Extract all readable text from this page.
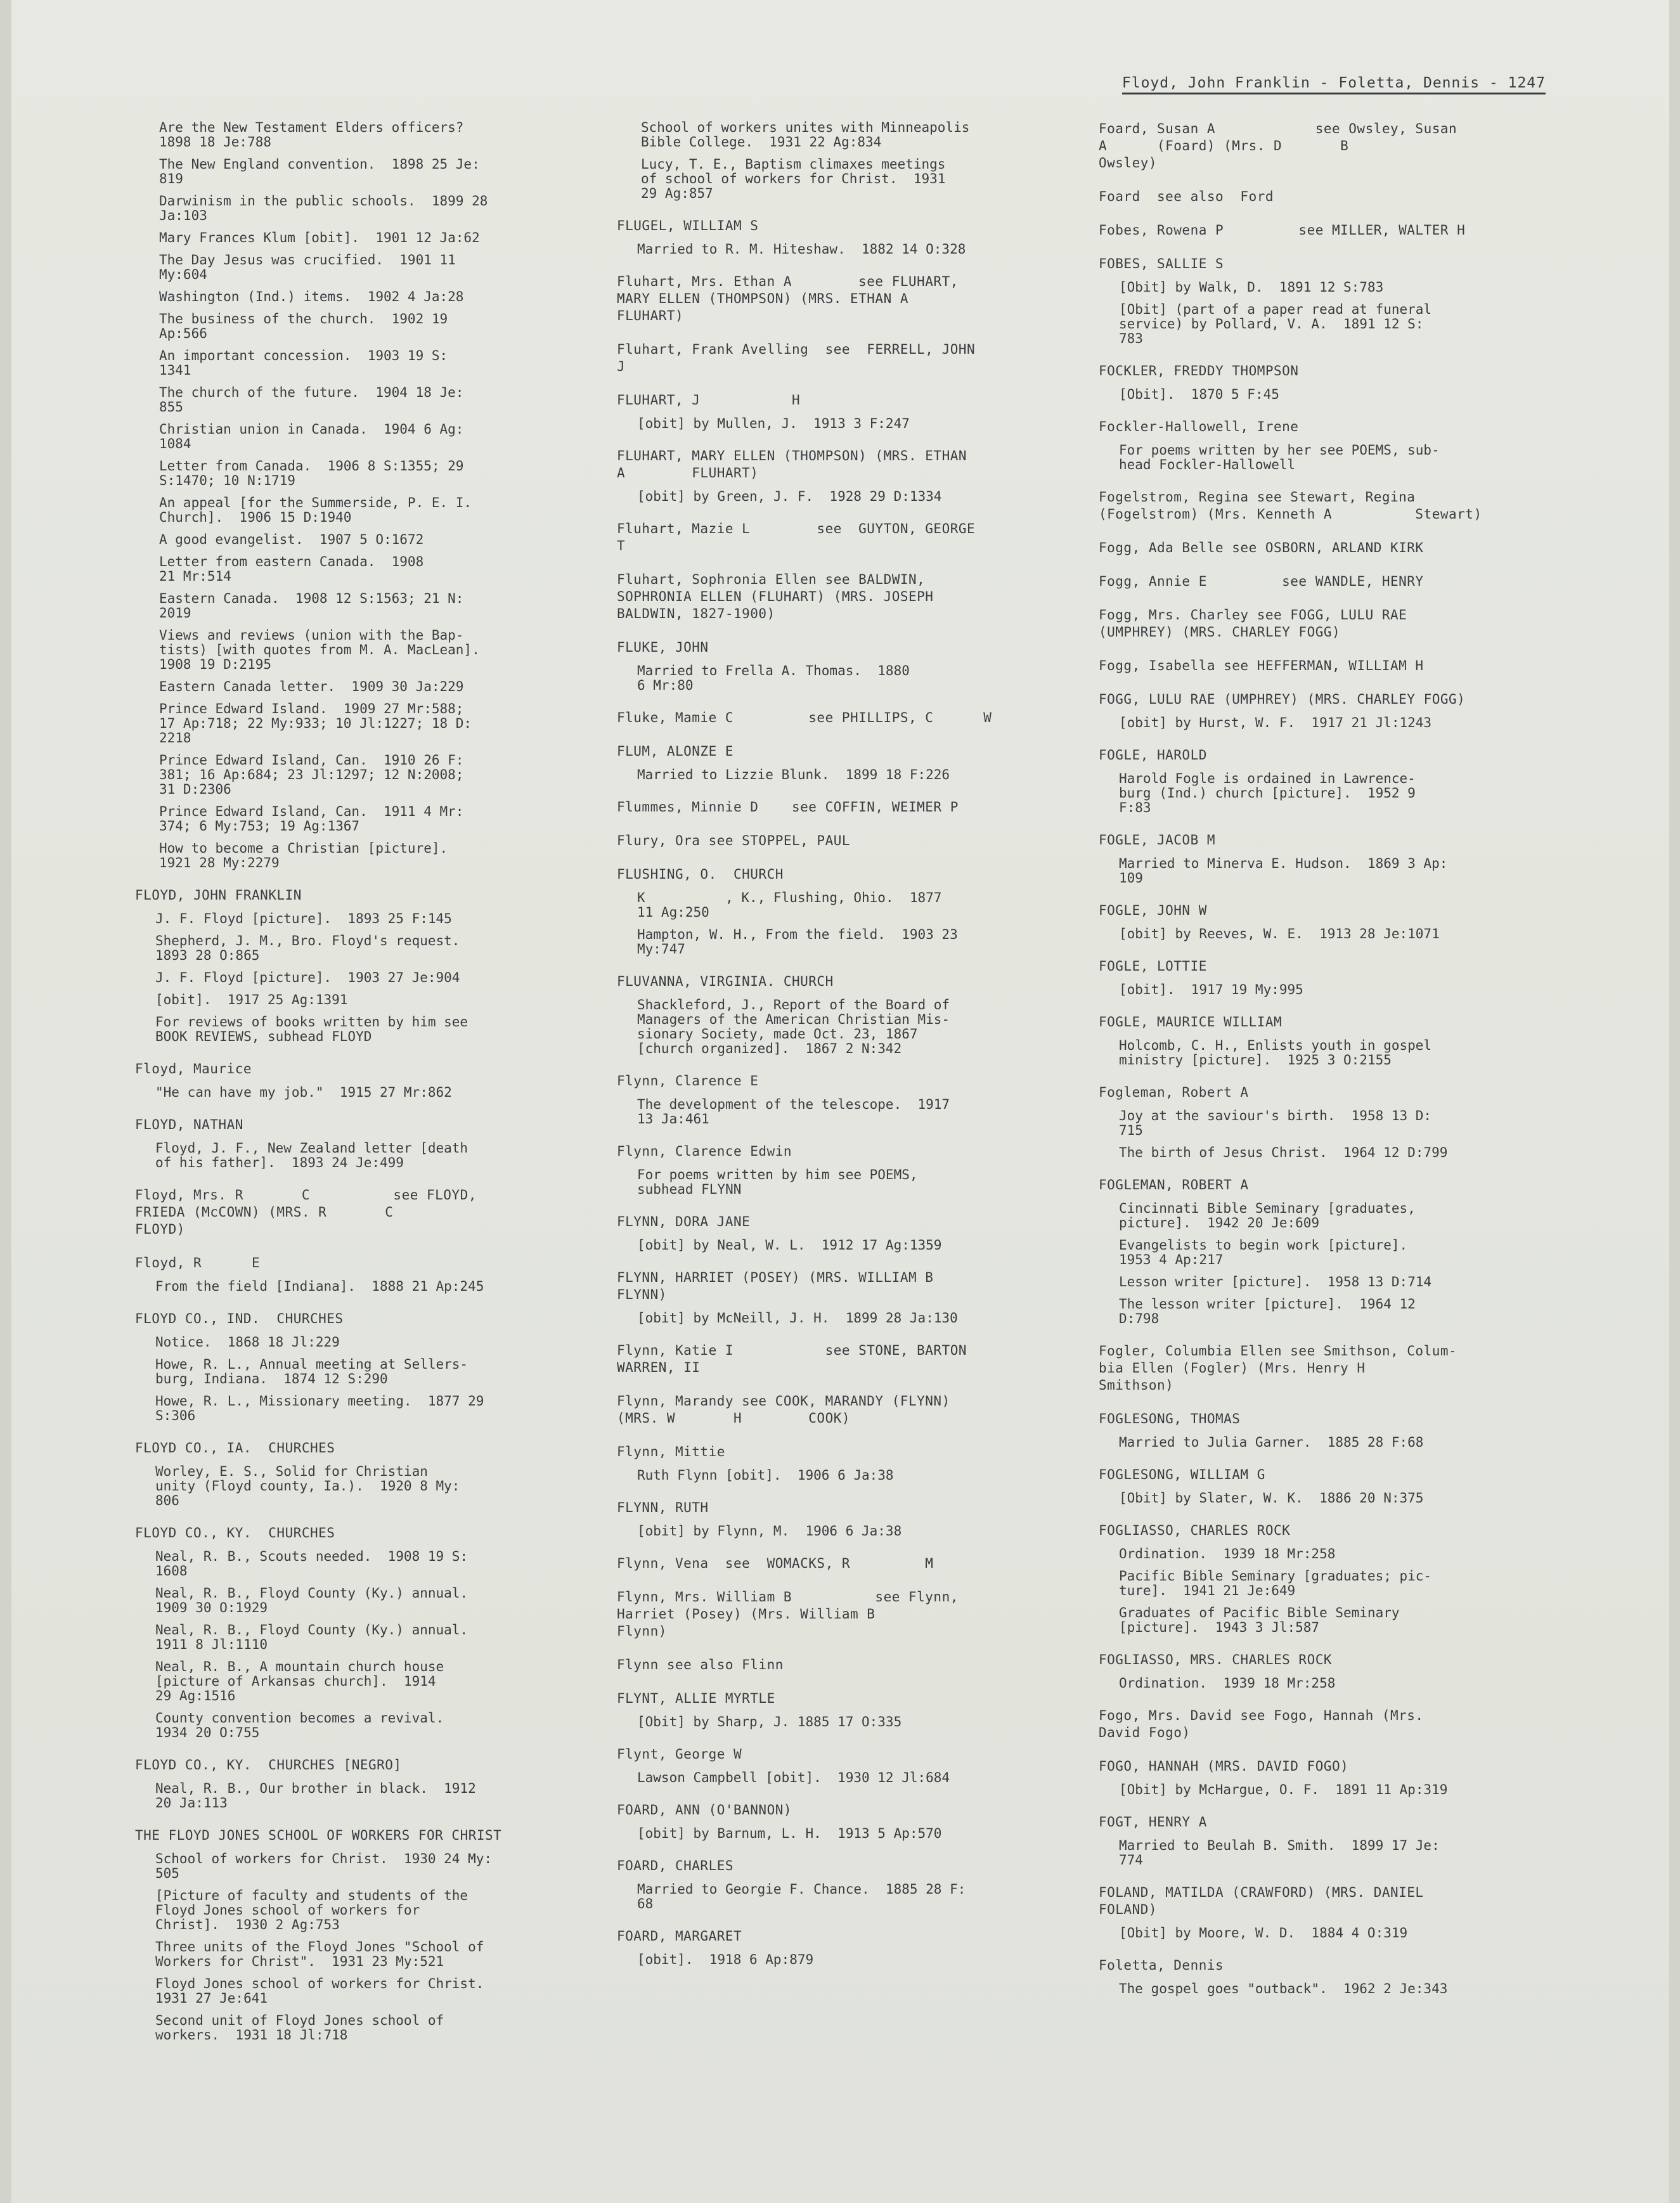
Floyd, John Franklin - Foletta, Dennis - 1247
Are the New Testament Elders officers?
1898 18 Je:788
The New England convention.  1898 25 Je:
819
Darwinism in the public schools.  1899 28
Ja:103
Mary Frances Klum [obit].  1901 12 Ja:62
The Day Jesus was crucified.  1901 11
My:604
Washington (Ind.) items.  1902 4 Ja:28
The business of the church.  1902 19
Ap:566
An important concession.  1903 19 S:
1341
The church of the future.  1904 18 Je:
855
Christian union in Canada.  1904 6 Ag:
1084
Letter from Canada.  1906 8 S:1355; 29
S:1470; 10 N:1719
An appeal [for the Summerside, P. E. I.
Church].  1906 15 D:1940
A good evangelist.  1907 5 O:1672
Letter from eastern Canada.  1908
21 Mr:514
Eastern Canada.  1908 12 S:1563; 21 N:
2019
Views and reviews (union with the Bap-
tists) [with quotes from M. A. MacLean].
1908 19 D:2195
Eastern Canada letter.  1909 30 Ja:229
Prince Edward Island.  1909 27 Mr:588;
17 Ap:718; 22 My:933; 10 Jl:1227; 18 D:
2218
Prince Edward Island, Can.  1910 26 F:
381; 16 Ap:684; 23 Jl:1297; 12 N:2008;
31 D:2306
Prince Edward Island, Can.  1911 4 Mr:
374; 6 My:753; 19 Ag:1367
How to become a Christian [picture].
1921 28 My:2279
FLOYD, JOHN FRANKLIN
J. F. Floyd [picture].  1893 25 F:145
Shepherd, J. M., Bro. Floyd's request.
1893 28 O:865
J. F. Floyd [picture].  1903 27 Je:904
[obit].  1917 25 Ag:1391
For reviews of books written by him see
BOOK REVIEWS, subhead FLOYD
Floyd, Maurice
"He can have my job."  1915 27 Mr:862
FLOYD, NATHAN
Floyd, J. F., New Zealand letter [death
of his father].  1893 24 Je:499
Floyd, Mrs. R       C          see FLOYD,
FRIEDA (McCOWN) (MRS. R       C
FLOYD)
Floyd, R      E
From the field [Indiana].  1888 21 Ap:245
FLOYD CO., IND.  CHURCHES
Notice.  1868 18 Jl:229
Howe, R. L., Annual meeting at Sellers-
burg, Indiana.  1874 12 S:290
Howe, R. L., Missionary meeting.  1877 29
S:306
FLOYD CO., IA.  CHURCHES
Worley, E. S., Solid for Christian
unity (Floyd county, Ia.).  1920 8 My:
806
FLOYD CO., KY.  CHURCHES
Neal, R. B., Scouts needed.  1908 19 S:
1608
Neal, R. B., Floyd County (Ky.) annual.
1909 30 O:1929
Neal, R. B., Floyd County (Ky.) annual.
1911 8 Jl:1110
Neal, R. B., A mountain church house
[picture of Arkansas church].  1914
29 Ag:1516
County convention becomes a revival.
1934 20 O:755
FLOYD CO., KY.  CHURCHES [NEGRO]
Neal, R. B., Our brother in black.  1912
20 Ja:113
THE FLOYD JONES SCHOOL OF WORKERS FOR CHRIST
School of workers for Christ.  1930 24 My:
505
[Picture of faculty and students of the
Floyd Jones school of workers for
Christ].  1930 2 Ag:753
Three units of the Floyd Jones "School of
Workers for Christ".  1931 23 My:521
Floyd Jones school of workers for Christ.
1931 27 Je:641
Second unit of Floyd Jones school of
workers.  1931 18 Jl:718
School of workers unites with Minneapolis
Bible College.  1931 22 Ag:834
Lucy, T. E., Baptism climaxes meetings
of school of workers for Christ.  1931
29 Ag:857
FLUGEL, WILLIAM S
Married to R. M. Hiteshaw.  1882 14 O:328
Fluhart, Mrs. Ethan A        see FLUHART,
MARY ELLEN (THOMPSON) (MRS. ETHAN A
FLUHART)
Fluhart, Frank Avelling  see  FERRELL, JOHN
J
FLUHART, J           H
[obit] by Mullen, J.  1913 3 F:247
FLUHART, MARY ELLEN (THOMPSON) (MRS. ETHAN
A        FLUHART)
[obit] by Green, J. F.  1928 29 D:1334
Fluhart, Mazie L        see  GUYTON, GEORGE
T
Fluhart, Sophronia Ellen see BALDWIN,
SOPHRONIA ELLEN (FLUHART) (MRS. JOSEPH
BALDWIN, 1827-1900)
FLUKE, JOHN
Married to Frella A. Thomas.  1880
6 Mr:80
Fluke, Mamie C         see PHILLIPS, C      W
FLUM, ALONZE E
Married to Lizzie Blunk.  1899 18 F:226
Flummes, Minnie D    see COFFIN, WEIMER P
Flury, Ora see STOPPEL, PAUL
FLUSHING, O.  CHURCH
K          , K., Flushing, Ohio.  1877
11 Ag:250
Hampton, W. H., From the field.  1903 23
My:747
FLUVANNA, VIRGINIA. CHURCH
Shackleford, J., Report of the Board of
Managers of the American Christian Mis-
sionary Society, made Oct. 23, 1867
[church organized].  1867 2 N:342
Flynn, Clarence E
The development of the telescope.  1917
13 Ja:461
Flynn, Clarence Edwin
For poems written by him see POEMS,
subhead FLYNN
FLYNN, DORA JANE
[obit] by Neal, W. L.  1912 17 Ag:1359
FLYNN, HARRIET (POSEY) (MRS. WILLIAM B
FLYNN)
[obit] by McNeill, J. H.  1899 28 Ja:130
Flynn, Katie I           see STONE, BARTON
WARREN, II
Flynn, Marandy see COOK, MARANDY (FLYNN)
(MRS. W       H        COOK)
Flynn, Mittie
Ruth Flynn [obit].  1906 6 Ja:38
FLYNN, RUTH
[obit] by Flynn, M.  1906 6 Ja:38
Flynn, Vena  see  WOMACKS, R         M
Flynn, Mrs. William B          see Flynn,
Harriet (Posey) (Mrs. William B
Flynn)
Flynn see also Flinn
FLYNT, ALLIE MYRTLE
[Obit] by Sharp, J. 1885 17 O:335
Flynt, George W
Lawson Campbell [obit].  1930 12 Jl:684
FOARD, ANN (O'BANNON)
[obit] by Barnum, L. H.  1913 5 Ap:570
FOARD, CHARLES
Married to Georgie F. Chance.  1885 28 F:
68
FOARD, MARGARET
[obit].  1918 6 Ap:879
Foard, Susan A            see Owsley, Susan
A      (Foard) (Mrs. D       B
Owsley)
Foard  see also  Ford
Fobes, Rowena P         see MILLER, WALTER H
FOBES, SALLIE S
[Obit] by Walk, D.  1891 12 S:783
[Obit] (part of a paper read at funeral
service) by Pollard, V. A.  1891 12 S:
783
FOCKLER, FREDDY THOMPSON
[Obit].  1870 5 F:45
Fockler-Hallowell, Irene
For poems written by her see POEMS, sub-
head Fockler-Hallowell
Fogelstrom, Regina see Stewart, Regina
(Fogelstrom) (Mrs. Kenneth A          Stewart)
Fogg, Ada Belle see OSBORN, ARLAND KIRK
Fogg, Annie E         see WANDLE, HENRY
Fogg, Mrs. Charley see FOGG, LULU RAE
(UMPHREY) (MRS. CHARLEY FOGG)
Fogg, Isabella see HEFFERMAN, WILLIAM H
FOGG, LULU RAE (UMPHREY) (MRS. CHARLEY FOGG)
[obit] by Hurst, W. F.  1917 21 Jl:1243
FOGLE, HAROLD
Harold Fogle is ordained in Lawrence-
burg (Ind.) church [picture].  1952 9
F:83
FOGLE, JACOB M
Married to Minerva E. Hudson.  1869 3 Ap:
109
FOGLE, JOHN W
[obit] by Reeves, W. E.  1913 28 Je:1071
FOGLE, LOTTIE
[obit].  1917 19 My:995
FOGLE, MAURICE WILLIAM
Holcomb, C. H., Enlists youth in gospel
ministry [picture].  1925 3 O:2155
Fogleman, Robert A
Joy at the saviour's birth.  1958 13 D:
715
The birth of Jesus Christ.  1964 12 D:799
FOGLEMAN, ROBERT A
Cincinnati Bible Seminary [graduates,
picture].  1942 20 Je:609
Evangelists to begin work [picture].
1953 4 Ap:217
Lesson writer [picture].  1958 13 D:714
The lesson writer [picture].  1964 12
D:798
Fogler, Columbia Ellen see Smithson, Colum-
bia Ellen (Fogler) (Mrs. Henry H
Smithson)
FOGLESONG, THOMAS
Married to Julia Garner.  1885 28 F:68
FOGLESONG, WILLIAM G
[Obit] by Slater, W. K.  1886 20 N:375
FOGLIASSO, CHARLES ROCK
Ordination.  1939 18 Mr:258
Pacific Bible Seminary [graduates; pic-
ture].  1941 21 Je:649
Graduates of Pacific Bible Seminary
[picture].  1943 3 Jl:587
FOGLIASSO, MRS. CHARLES ROCK
Ordination.  1939 18 Mr:258
Fogo, Mrs. David see Fogo, Hannah (Mrs.
David Fogo)
FOGO, HANNAH (MRS. DAVID FOGO)
[Obit] by McHargue, O. F.  1891 11 Ap:319
FOGT, HENRY A
Married to Beulah B. Smith.  1899 17 Je:
774
FOLAND, MATILDA (CRAWFORD) (MRS. DANIEL
FOLAND)
[Obit] by Moore, W. D.  1884 4 O:319
Foletta, Dennis
The gospel goes "outback".  1962 2 Je:343
